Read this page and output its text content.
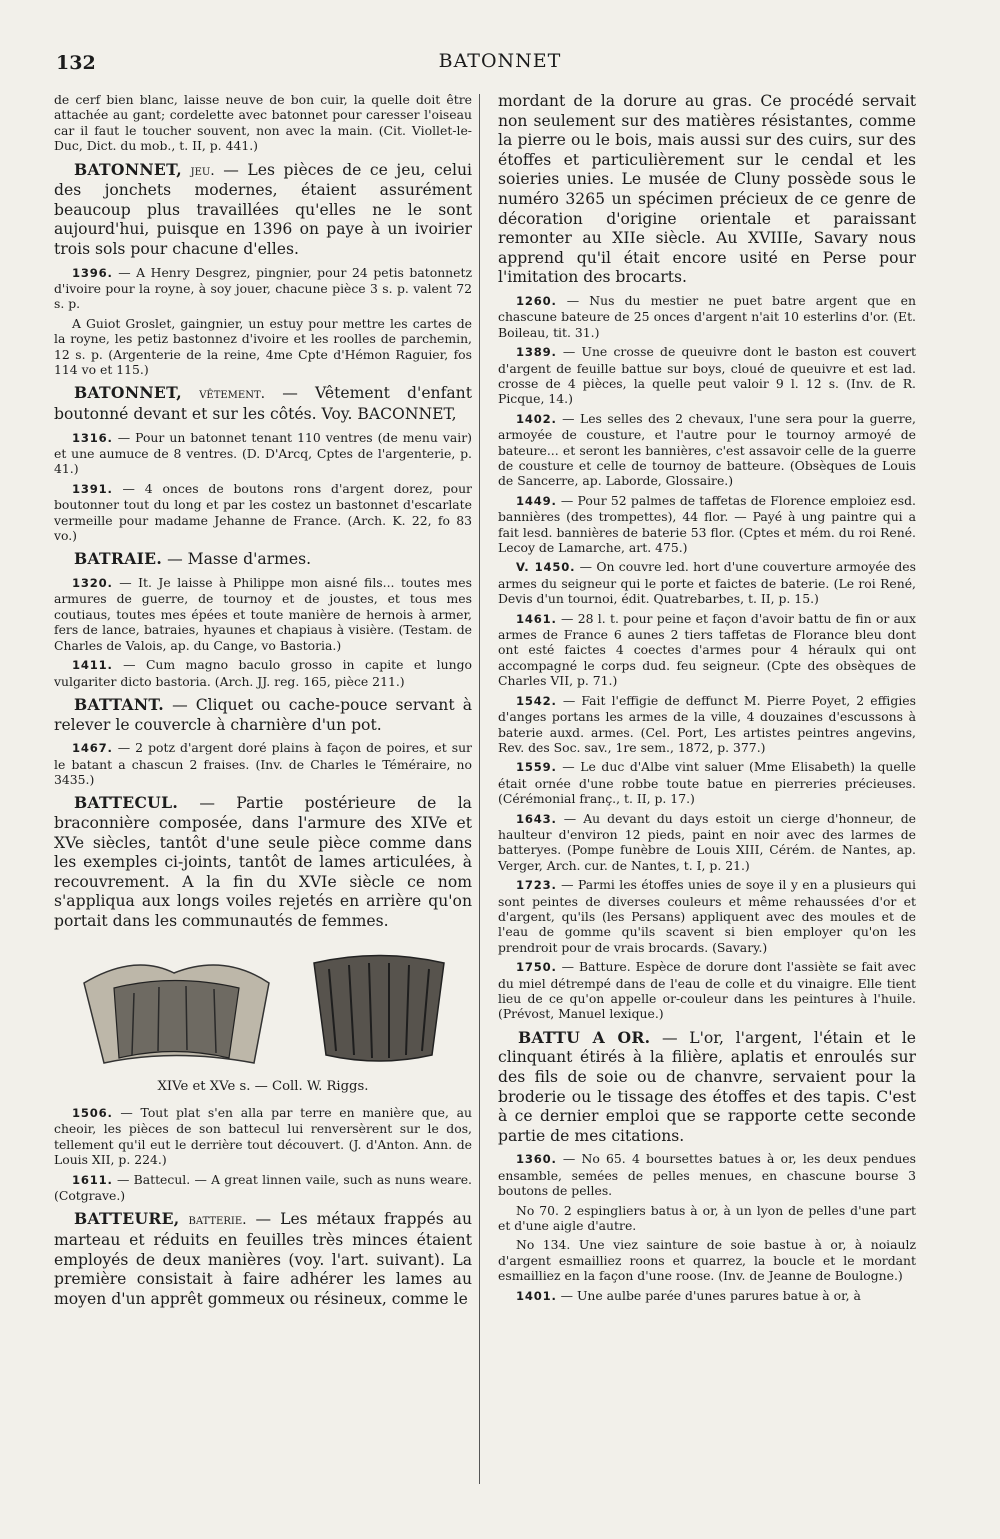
132	BATONNET

de cerf bien blanc, laisse neuve de bon cuir, la quelle doit être attachée au gant; cordelette avec batonnet pour caresser l'oiseau car il faut le toucher souvent, non avec la main. (Cit. Viollet-le-Duc, Dict. du mob., t. II, p. 441.)

BATONNET, jeu. — Les pièces de ce jeu, celui des jonchets modernes, étaient assurément beaucoup plus travaillées qu'elles ne le sont aujourd'hui, puisque en 1396 on paye à un ivoirier trois sols pour chacune d'elles.

1396. — A Henry Desgrez, pingnier, pour 24 petis batonnetz d'ivoire pour la royne, à soy jouer, chacune pièce 3 s. p. valent 72 s. p.

A Guiot Groslet, gaingnier, un estuy pour mettre les cartes de la royne, les petiz bastonnez d'ivoire et les roolles de parchemin, 12 s. p. (Argenterie de la reine, 4me Cpte d'Hémon Raguier, fos 114 vo et 115.)

BATONNET, vêtement. — Vêtement d'enfant boutonné devant et sur les côtés. Voy. BACONNET,

1316. — Pour un batonnet tenant 110 ventres (de menu vair) et une aumuce de 8 ventres. (D. D'Arcq, Cptes de l'argenterie, p. 41.)

1391. — 4 onces de boutons rons d'argent dorez, pour boutonner tout du long et par les costez un bastonnet d'escarlate vermeille pour madame Jehanne de France. (Arch. K. 22, fo 83 vo.)

BATRAIE. — Masse d'armes.

1320. — It. Je laisse à Philippe mon aisné fils... toutes mes armures de guerre, de tournoy et de joustes, et tous mes coutiaus, toutes mes épées et toute manière de hernois à armer, fers de lance, batraies, hyaunes et chapiaus à visière. (Testam. de Charles de Valois, ap. du Cange, vo Bastoria.)

1411. — Cum magno baculo grosso in capite et lungo vulgariter dicto bastoria. (Arch. JJ. reg. 165, pièce 211.)

BATTANT. — Cliquet ou cache-pouce servant à relever le couvercle à charnière d'un pot.

1467. — 2 potz d'argent doré plains à façon de poires, et sur le batant a chascun 2 fraises. (Inv. de Charles le Téméraire, no 3435.)

BATTECUL. — Partie postérieure de la braconnière composée, dans l'armure des XIVe et XVe siècles, tantôt d'une seule pièce comme dans les exemples ci-joints, tantôt de lames articulées, à recouvrement. A la fin du XVIe siècle ce nom s'appliqua aux longs voiles rejetés en arrière qu'on portait dans les communautés de femmes.

XIVe et XVe s. — Coll. W. Riggs.

1506. — Tout plat s'en alla par terre en manière que, au cheoir, les pièces de son battecul lui renversèrent sur le dos, tellement qu'il eut le derrière tout découvert. (J. d'Anton. Ann. de Louis XII, p. 224.)

1611. — Battecul. — A great linnen vaile, such as nuns weare. (Cotgrave.)

BATTEURE, batterie. — Les métaux frappés au marteau et réduits en feuilles très minces étaient employés de deux manières (voy. l'art. suivant). La première consistait à faire adhérer les lames au moyen d'un apprêt gommeux ou résineux, comme le

mordant de la dorure au gras. Ce procédé servait non seulement sur des matières résistantes, comme la pierre ou le bois, mais aussi sur des cuirs, sur des étoffes et particulièrement sur le cendal et les soieries unies. Le musée de Cluny possède sous le numéro 3265 un spécimen précieux de ce genre de décoration d'origine orientale et paraissant remonter au XIIe siècle. Au XVIIIe, Savary nous apprend qu'il était encore usité en Perse pour l'imitation des brocarts.

1260. — Nus du mestier ne puet batre argent que en chascune bateure de 25 onces d'argent n'ait 10 esterlins d'or. (Et. Boileau, tit. 31.)

1389. — Une crosse de queuivre dont le baston est couvert d'argent de feuille battue sur boys, cloué de queuivre et est lad. crosse de 4 pièces, la quelle peut valoir 9 l. 12 s. (Inv. de R. Picque, 14.)

1402. — Les selles des 2 chevaux, l'une sera pour la guerre, armoyée de cousture, et l'autre pour le tournoy armoyé de bateure... et seront les bannières, c'est assavoir celle de la guerre de cousture et celle de tournoy de batteure. (Obsèques de Louis de Sancerre, ap. Laborde, Glossaire.)

1449. — Pour 52 palmes de taffetas de Florence emploiez esd. bannières (des trompettes), 44 flor. — Payé à ung paintre qui a fait lesd. bannières de baterie 53 flor. (Cptes et mém. du roi René. Lecoy de Lamarche, art. 475.)

V. 1450. — On couvre led. hort d'une couverture armoyée des armes du seigneur qui le porte et faictes de baterie. (Le roi René, Devis d'un tournoi, édit. Quatrebarbes, t. II, p. 15.)

1461. — 28 l. t. pour peine et façon d'avoir battu de fin or aux armes de France 6 aunes 2 tiers taffetas de Florance bleu dont ont esté faictes 4 coectes d'armes pour 4 héraulx qui ont accompagné le corps dud. feu seigneur. (Cpte des obsèques de Charles VII, p. 71.)

1542. — Fait l'effigie de deffunct M. Pierre Poyet, 2 effigies d'anges portans les armes de la ville, 4 douzaines d'escussons à baterie auxd. armes. (Cel. Port, Les artistes peintres angevins, Rev. des Soc. sav., 1re sem., 1872, p. 377.)

1559. — Le duc d'Albe vint saluer (Mme Elisabeth) la quelle était ornée d'une robbe toute batue en pierreries précieuses. (Cérémonial franç., t. II, p. 17.)

1643. — Au devant du days estoit un cierge d'honneur, de haulteur d'environ 12 pieds, paint en noir avec des larmes de batteryes. (Pompe funèbre de Louis XIII, Cérém. de Nantes, ap. Verger, Arch. cur. de Nantes, t. I, p. 21.)

1723. — Parmi les étoffes unies de soye il y en a plusieurs qui sont peintes de diverses couleurs et même rehaussées d'or et d'argent, qu'ils (les Persans) appliquent avec des moules et de l'eau de gomme qu'ils scavent si bien employer qu'on les prendroit pour de vrais brocards. (Savary.)

1750. — Batture. Espèce de dorure dont l'assiète se fait avec du miel détrempé dans de l'eau de colle et du vinaigre. Elle tient lieu de ce qu'on appelle or-couleur dans les peintures à l'huile. (Prévost, Manuel lexique.)

BATTU A OR. — L'or, l'argent, l'étain et le clinquant étirés à la filière, aplatis et enroulés sur des fils de soie ou de chanvre, servaient pour la broderie ou le tissage des étoffes et des tapis. C'est à ce dernier emploi que se rapporte cette seconde partie de mes citations.

1360. — No 65. 4 boursettes batues à or, les deux pendues ensamble, semées de pelles menues, en chascune bourse 3 boutons de pelles.

No 70. 2 espingliers batus à or, à un lyon de pelles d'une part et d'une aigle d'autre.

No 134. Une viez sainture de soie bastue à or, à noiaulz d'argent esmailliez roons et quarrez, la boucle et le mordant esmailliez en la façon d'une roose. (Inv. de Jeanne de Boulogne.)

1401. — Une aulbe parée d'unes parures batue à or, à
